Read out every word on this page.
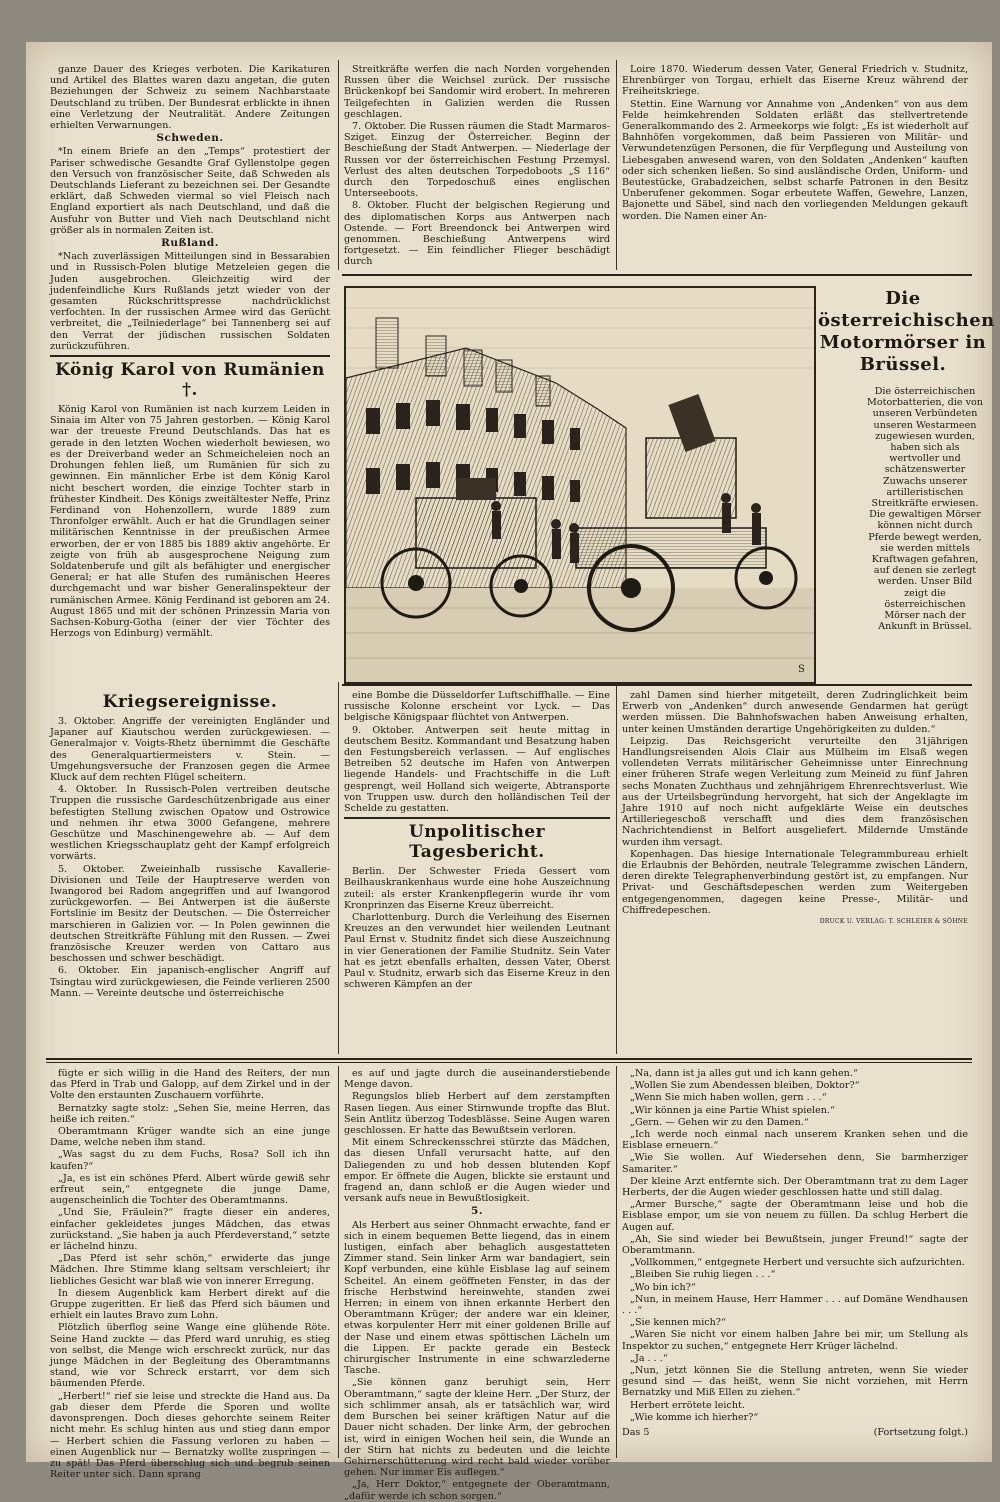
ganze Dauer des Krieges verboten. Die Karikaturen und Artikel des Blattes waren dazu angetan, die guten Beziehungen der Schweiz zu seinem Nachbarstaate Deutschland zu trüben. Der Bundesrat erblickte in ihnen eine Verletzung der Neutralität. Andere Zeitungen erhielten Verwarnungen.

Schweden.

*In einem Briefe an den „Temps“ protestiert der Pariser schwedische Gesandte Graf Gyllenstolpe gegen den Versuch von französischer Seite, daß Schweden als Deutschlands Lieferant zu bezeichnen sei. Der Gesandte erklärt, daß Schweden viermal so viel Fleisch nach England exportiert als nach Deutschland, und daß die Ausfuhr von Butter und Vieh nach Deutschland nicht größer als in normalen Zeiten ist.

Rußland.

*Nach zuverlässigen Mitteilungen sind in Bessarabien und in Russisch-Polen blutige Metzeleien gegen die Juden ausgebrochen. Gleichzeitig wird der judenfeindliche Kurs Rußlands jetzt wieder von der gesamten Rückschrittspresse nachdrücklichst verfochten. In der russischen Armee wird das Gerücht verbreitet, die „Teilniederlage“ bei Tannenberg sei auf den Verrat der jüdischen russischen Soldaten zurückzuführen.

König Karol von Rumänien †.

König Karol von Rumänien ist nach kurzem Leiden in Sinaia im Alter von 75 Jahren gestorben. — König Karol war der treueste Freund Deutschlands. Das hat es gerade in den letzten Wochen wiederholt bewiesen, wo es der Dreiverband weder an Schmeicheleien noch an Drohungen fehlen ließ, um Rumänien für sich zu gewinnen. Ein männlicher Erbe ist dem König Karol nicht beschert worden, die einzige Tochter starb in frühester Kindheit. Des Königs zweitältester Neffe, Prinz Ferdinand von Hohenzollern, wurde 1889 zum Thronfolger erwählt. Auch er hat die Grundlagen seiner militärischen Kenntnisse in der preußischen Armee erworben, der er von 1885 bis 1889 aktiv angehörte. Er zeigte von früh ab ausgesprochene Neigung zum Soldatenberufe und gilt als befähigter und energischer General; er hat alle Stufen des rumänischen Heeres durchgemacht und war bisher Generalinspekteur der rumänischen Armee. König Ferdinand ist geboren am 24. August 1865 und mit der schönen Prinzessin Maria von Sachsen-Koburg-Gotha (einer der vier Töchter des Herzogs von Edinburg) vermählt.

Kriegsereignisse.

3. Oktober. Angriffe der vereinigten Engländer und Japaner auf Kiautschou werden zurückgewiesen. — Generalmajor v. Voigts-Rhetz übernimmt die Geschäfte des Generalquartiermeisters v. Stein. — Umgehungsversuche der Franzosen gegen die Armee Kluck auf dem rechten Flügel scheitern.

4. Oktober. In Russisch-Polen vertreiben deutsche Truppen die russische Gardeschützenbrigade aus einer befestigten Stellung zwischen Opatow und Ostrowice und nehmen ihr etwa 3000 Gefangene, mehrere Geschütze und Maschinengewehre ab. — Auf dem westlichen Kriegsschauplatz geht der Kampf erfolgreich vorwärts.

5. Oktober. Zweieinhalb russische Kavallerie-Divisionen und Teile der Hauptreserve werden von Iwangorod bei Radom angegriffen und auf Iwangorod zurückgeworfen. — Bei Antwerpen ist die äußerste Fortslinie im Besitz der Deutschen. — Die Österreicher marschieren in Galizien vor. — In Polen gewinnen die deutschen Streitkräfte Fühlung mit den Russen. — Zwei französische Kreuzer werden von Cattaro aus beschossen und schwer beschädigt.

6. Oktober. Ein japanisch-englischer Angriff auf Tsingtau wird zurückgewiesen, die Feinde verlieren 2500 Mann. — Vereinte deutsche und österreichische

Streitkräfte werfen die nach Norden vorgehenden Russen über die Weichsel zurück. Der russische Brückenkopf bei Sandomir wird erobert. In mehreren Teilgefechten in Galizien werden die Russen geschlagen.

7. Oktober. Die Russen räumen die Stadt Marmaros-Sziget. Einzug der Österreicher. Beginn der Beschießung der Stadt Antwerpen. — Niederlage der Russen vor der österreichischen Festung Przemysl. Verlust des alten deutschen Torpedoboots „S 116“ durch den Torpedoschuß eines englischen Unterseeboots.

8. Oktober. Flucht der belgischen Regierung und des diplomatischen Korps aus Antwerpen nach Ostende. — Fort Breendonck bei Antwerpen wird genommen. Beschießung Antwerpens wird fortgesetzt. — Ein feindlicher Flieger beschädigt durch

Loire 1870. Wiederum dessen Vater, General Friedrich v. Studnitz, Ehrenbürger von Torgau, erhielt das Eiserne Kreuz während der Freiheitskriege.

Stettin. Eine Warnung vor Annahme von „Andenken“ von aus dem Felde heimkehrenden Soldaten erläßt das stellvertretende Generalkommando des 2. Armeekorps wie folgt: „Es ist wiederholt auf Bahnhöfen vorgekommen, daß beim Passieren von Militär- und Verwundetenzügen Personen, die für Verpflegung und Austeilung von Liebesgaben anwesend waren, von den Soldaten „Andenken“ kauften oder sich schenken ließen. So sind ausländische Orden, Uniform- und Beutestücke, Grabadzeichen, selbst scharfe Patronen in den Besitz Unberufener gekommen. Sogar erbeutete Waffen, Gewehre, Lanzen, Bajonette und Säbel, sind nach den vorliegenden Meldungen gekauft worden. Die Namen einer An-

S
Die österreichischen Motormörser in Brüssel.
Die österreichischen Motorbatterien, die von unseren Verbündeten unseren Westarmeen zugewiesen wurden, haben sich als wertvoller und schätzenswerter Zuwachs unserer artilleristischen Streitkräfte erwiesen. Die gewaltigen Mörser können nicht durch Pferde bewegt werden, sie werden mittels Kraftwagen gefahren, auf denen sie zerlegt werden. Unser Bild zeigt die österreichischen Mörser nach der Ankunft in Brüssel.

eine Bombe die Düsseldorfer Luftschiffhalle. — Eine russische Kolonne erscheint vor Lyck. — Das belgische Königspaar flüchtet von Antwerpen.

9. Oktober. Antwerpen seit heute mittag in deutschem Besitz. Kommandant und Besatzung haben den Festungsbereich verlassen. — Auf englisches Betreiben 52 deutsche im Hafen von Antwerpen liegende Handels- und Frachtschiffe in die Luft gesprengt, weil Holland sich weigerte, Abtransporte von Truppen usw. durch den holländischen Teil der Schelde zu gestatten.

Unpolitischer Tagesbericht.

Berlin. Der Schwester Frieda Gessert vom Beilhauskrankenhaus wurde eine hohe Auszeichnung zuteil: als erster Krankenpflegerin wurde ihr vom Kronprinzen das Eiserne Kreuz überreicht.

Charlottenburg. Durch die Verleihung des Eisernen Kreuzes an den verwundet hier weilenden Leutnant Paul Ernst v. Studnitz findet sich diese Auszeichnung in vier Generationen der Familie Studnitz. Sein Vater hat es jetzt ebenfalls erhalten, dessen Vater, Oberst Paul v. Studnitz, erwarb sich das Eiserne Kreuz in den schweren Kämpfen an der

zahl Damen sind hierher mitgeteilt, deren Zudringlichkeit beim Erwerb von „Andenken“ durch anwesende Gendarmen hat gerügt werden müssen. Die Bahnhofswachen haben Anweisung erhalten, unter keinen Umständen derartige Ungehörigkeiten zu dulden.“

Leipzig. Das Reichsgericht verurteilte den 31jährigen Handlungsreisenden Alois Clair aus Mülheim im Elsaß wegen vollendeten Verrats militärischer Geheimnisse unter Einrechnung einer früheren Strafe wegen Verleitung zum Meineid zu fünf Jahren sechs Monaten Zuchthaus und zehnjährigem Ehrenrechtsverlust. Wie aus der Urteilsbegründung hervorgeht, hat sich der Angeklagte im Jahre 1910 auf noch nicht aufgeklärte Weise ein deutsches Artilleriegeschoß verschafft und dies dem französischen Nachrichtendienst in Belfort ausgeliefert. Mildernde Umstände wurden ihm versagt.

Kopenhagen. Das hiesige Internationale Telegrammbureau erhielt die Erlaubnis der Behörden, neutrale Telegramme zwischen Ländern, deren direkte Telegraphenverbindung gestört ist, zu empfangen. Nur Privat- und Geschäftsdepeschen werden zum Weitergeben entgegengenommen, dagegen keine Presse-, Militär- und Chiffredepeschen.

DRUCK U. VERLAG: T. SCHLEIER & SÖHNE

fügte er sich willig in die Hand des Reiters, der nun das Pferd in Trab und Galopp, auf dem Zirkel und in der Volte den erstaunten Zuschauern vorführte.

Bernatzky sagte stolz: „Sehen Sie, meine Herren, das heiße ich reiten.“

Oberamtmann Krüger wandte sich an eine junge Dame, welche neben ihm stand.

„Was sagst du zu dem Fuchs, Rosa? Soll ich ihn kaufen?“

„Ja, es ist ein schönes Pferd. Albert würde gewiß sehr erfreut sein,“ entgegnete die junge Dame, augenscheinlich die Tochter des Oberamtmanns.

„Und Sie, Fräulein?“ fragte dieser ein anderes, einfacher gekleidetes junges Mädchen, das etwas zurückstand. „Sie haben ja auch Pferdeverstand,“ setzte er lächelnd hinzu.

„Das Pferd ist sehr schön,“ erwiderte das junge Mädchen. Ihre Stimme klang seltsam verschleiert; ihr liebliches Gesicht war blaß wie von innerer Erregung.

In diesem Augenblick kam Herbert direkt auf die Gruppe zugeritten. Er ließ das Pferd sich bäumen und erhielt ein lautes Bravo zum Lohn.

Plötzlich überflog seine Wange eine glühende Röte. Seine Hand zuckte — das Pferd ward unruhig, es stieg von selbst, die Menge wich erschreckt zurück, nur das junge Mädchen in der Begleitung des Oberamtmanns stand, wie vor Schreck erstarrt, vor dem sich bäumenden Pferde.

„Herbert!“ rief sie leise und streckte die Hand aus. Da gab dieser dem Pferde die Sporen und wollte davonsprengen. Doch dieses gehorchte seinem Reiter nicht mehr. Es schlug hinten aus und stieg dann empor — Herbert schien die Fassung verloren zu haben — einen Augenblick nur — Bernatzky wollte zuspringen — zu spät! Das Pferd überschlug sich und begrub seinen Reiter unter sich. Dann sprang

es auf und jagte durch die auseinanderstiebende Menge davon.

Regungslos blieb Herbert auf dem zerstampften Rasen liegen. Aus einer Stirnwunde tropfte das Blut. Sein Antlitz überzog Todesblässe. Seine Augen waren geschlossen. Er hatte das Bewußtsein verloren.

Mit einem Schreckensschrei stürzte das Mädchen, das diesen Unfall verursacht hatte, auf den Daliegenden zu und hob dessen blutenden Kopf empor. Er öffnete die Augen, blickte sie erstaunt und fragend an, dann schloß er die Augen wieder und versank aufs neue in Bewußtlosigkeit.

5.

Als Herbert aus seiner Ohnmacht erwachte, fand er sich in einem bequemen Bette liegend, das in einem lustigen, einfach aber behaglich ausgestatteten Zimmer stand. Sein linker Arm war bandagiert, sein Kopf verbunden, eine kühle Eisblase lag auf seinem Scheitel. An einem geöffneten Fenster, in das der frische Herbstwind hereinwehte, standen zwei Herren; in einem von ihnen erkannte Herbert den Oberamtmann Krüger; der andere war ein kleiner, etwas korpulenter Herr mit einer goldenen Brille auf der Nase und einem etwas spöttischen Lächeln um die Lippen. Er packte gerade ein Besteck chirurgischer Instrumente in eine schwarzlederne Tasche.

„Sie können ganz beruhigt sein, Herr Oberamtmann,“ sagte der kleine Herr. „Der Sturz, der sich schlimmer ansah, als er tatsächlich war, wird dem Burschen bei seiner kräftigen Natur auf die Dauer nicht schaden. Der linke Arm, der gebrochen ist, wird in einigen Wochen heil sein, die Wunde an der Stirn hat nichts zu bedeuten und die leichte Gehirnerschütterung wird recht bald wieder vorüber gehen. Nur immer Eis auflegen.“

„Ja, Herr Doktor,“ entgegnete der Oberamtmann, „dafür werde ich schon sorgen.“

„Na, dann ist ja alles gut und ich kann gehen.“

„Wollen Sie zum Abendessen bleiben, Doktor?“

„Wenn Sie mich haben wollen, gern . . .“

„Wir können ja eine Partie Whist spielen.“

„Gern. — Gehen wir zu den Damen.“

„Ich werde noch einmal nach unserem Kranken sehen und die Eisblase erneuern.“

„Wie Sie wollen. Auf Wiedersehen denn, Sie barmherziger Samariter.“

Der kleine Arzt entfernte sich. Der Oberamtmann trat zu dem Lager Herberts, der die Augen wieder geschlossen hatte und still dalag.

„Armer Bursche,“ sagte der Oberamtmann leise und hob die Eisblase empor, um sie von neuem zu füllen. Da schlug Herbert die Augen auf.

„Ah, Sie sind wieder bei Bewußtsein, junger Freund!“ sagte der Oberamtmann.

„Vollkommen,“ entgegnete Herbert und versuchte sich aufzurichten.

„Bleiben Sie ruhig liegen . . .“

„Wo bin ich?“

„Nun, in meinem Hause, Herr Hammer . . . auf Domäne Wendhausen . . .“

„Sie kennen mich?“

„Waren Sie nicht vor einem halben Jahre bei mir, um Stellung als Inspektor zu suchen,“ entgegnete Herr Krüger lächelnd.

„Ja . . .“

„Nun, jetzt können Sie die Stellung antreten, wenn Sie wieder gesund sind — das heißt, wenn Sie nicht vorziehen, mit Herrn Bernatzky und Miß Ellen zu ziehen.“

Herbert errötete leicht.

„Wie komme ich hierher?“

Das 5	(Fortsetzung folgt.)
